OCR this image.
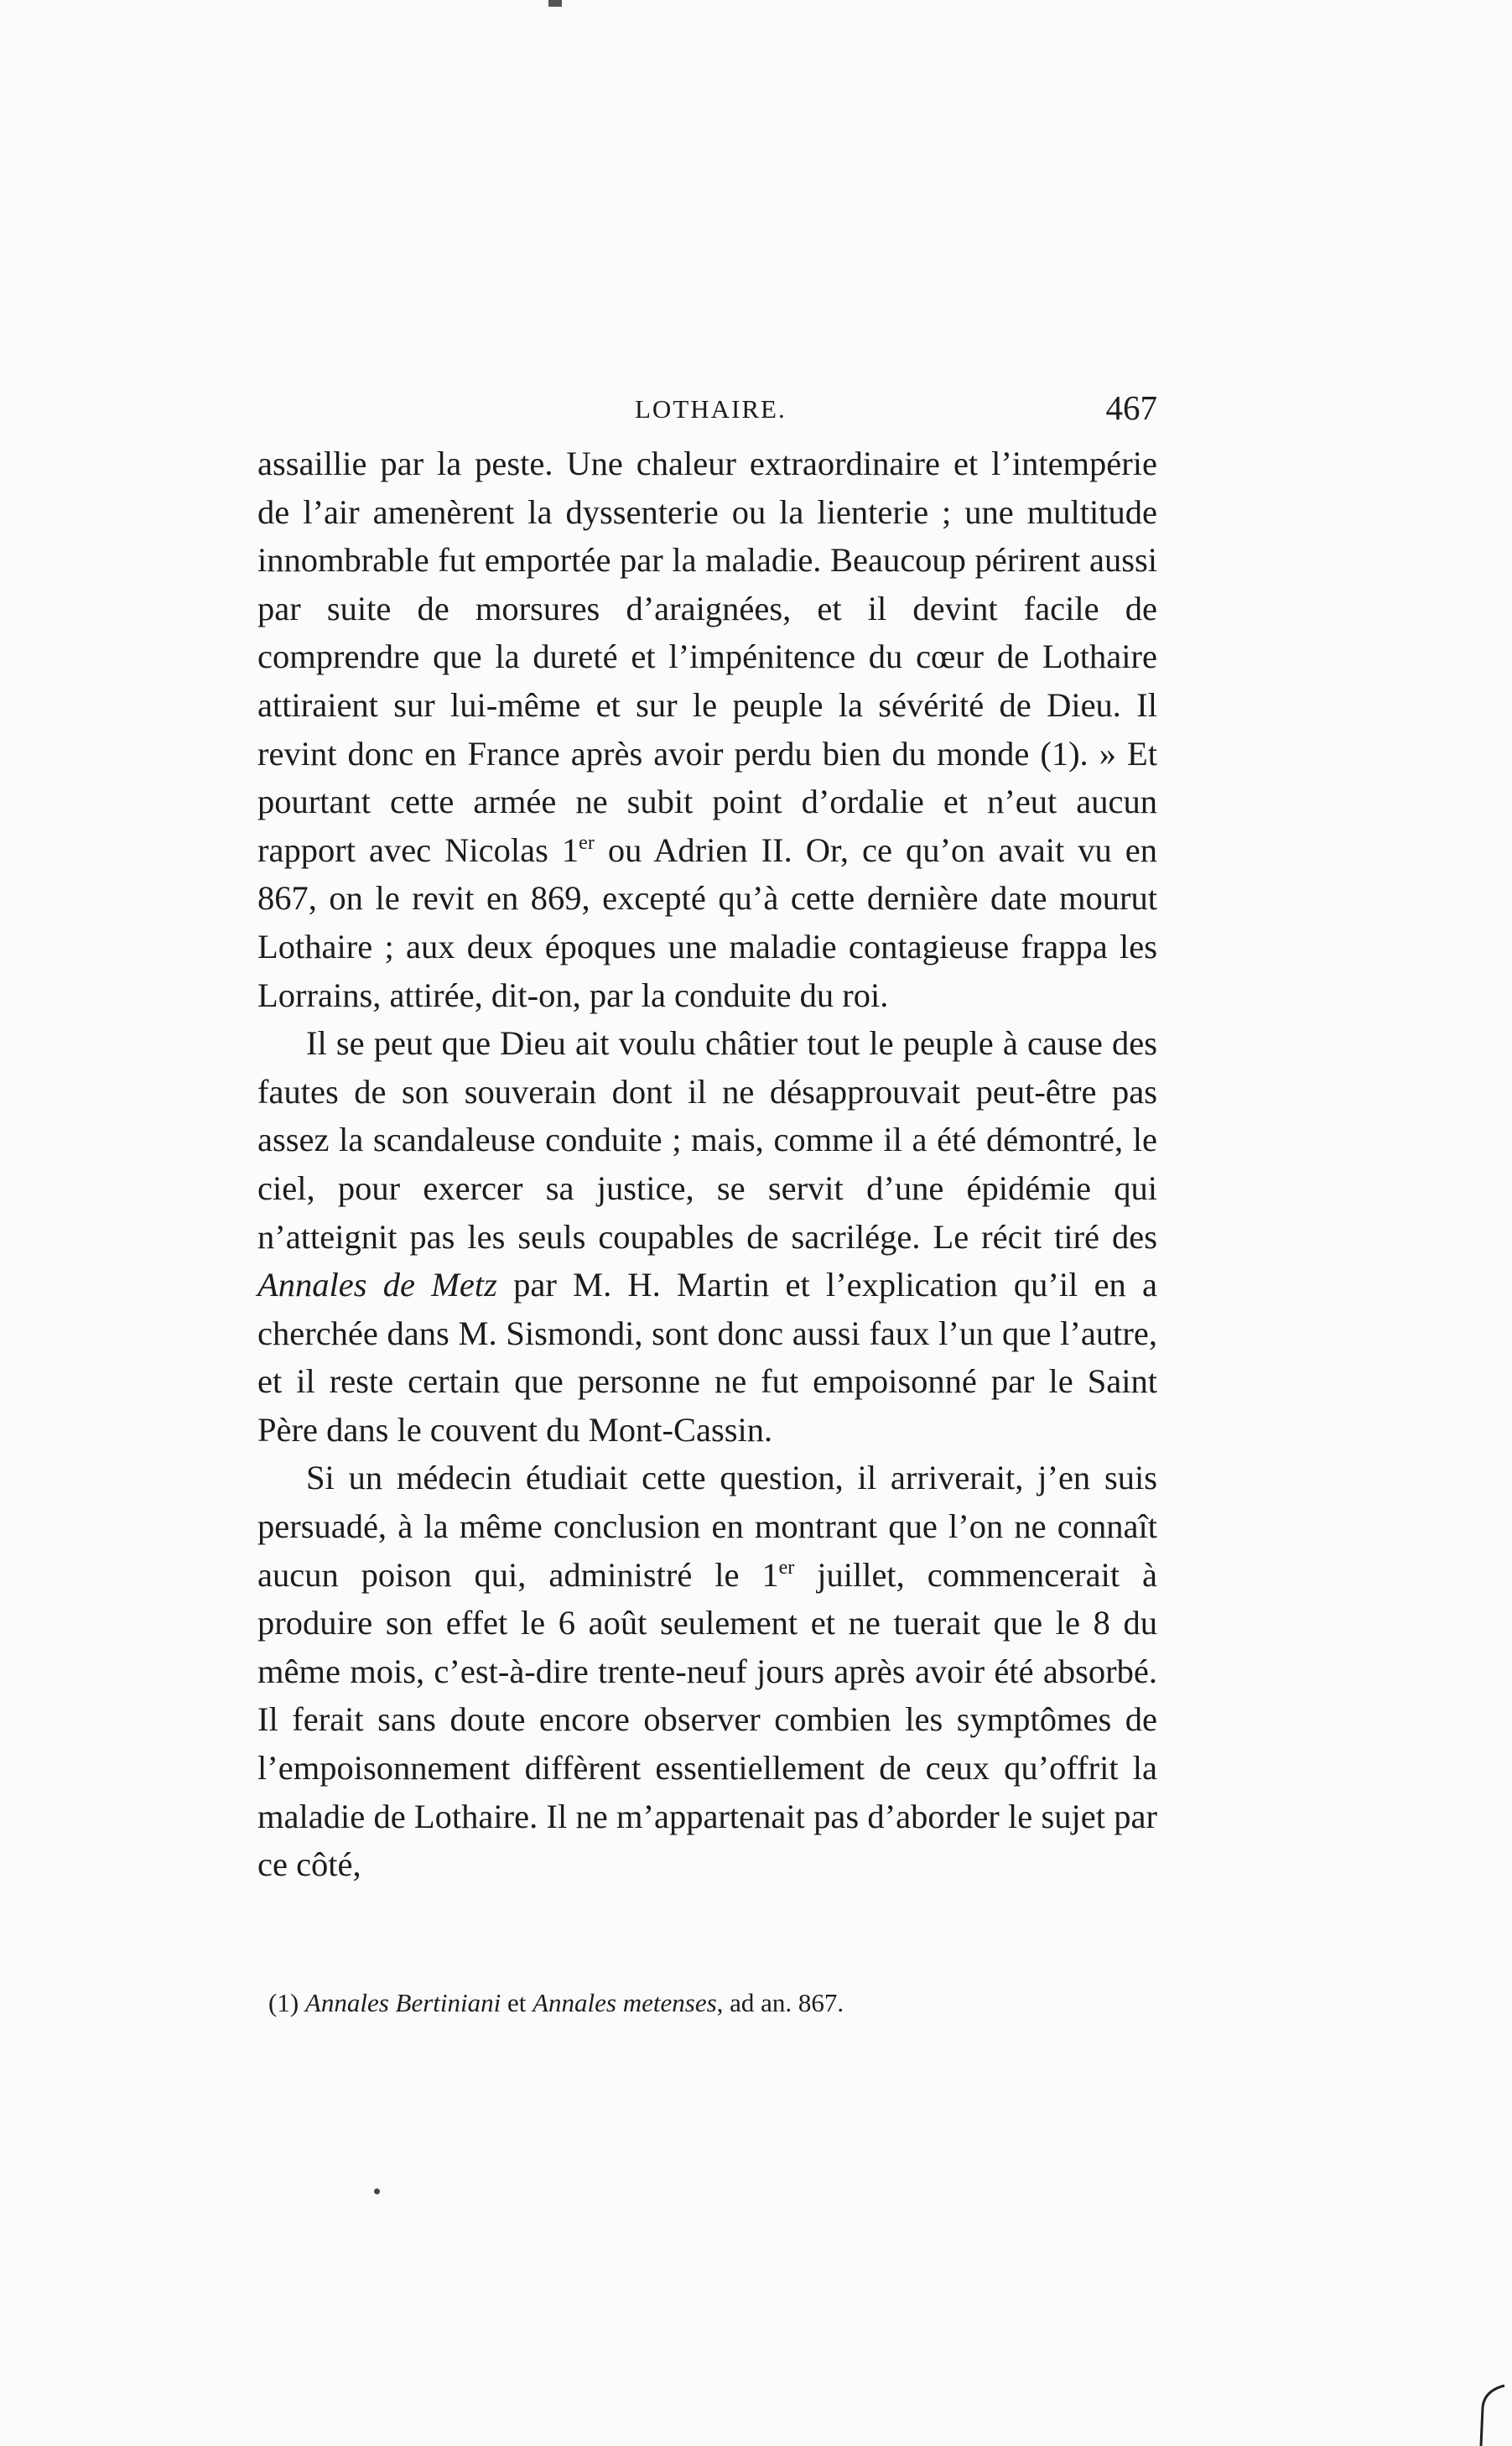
LOTHAIRE.	467

assaillie par la peste. Une chaleur extraordinaire et l’intempérie de l’air amenèrent la dyssenterie ou la lienterie ; une multitude innombrable fut emportée par la maladie. Beaucoup périrent aussi par suite de morsures d’araignées, et il devint facile de comprendre que la dureté et l’impénitence du cœur de Lothaire attiraient sur lui-même et sur le peuple la sévérité de Dieu. Il revint donc en France après avoir perdu bien du monde (1). » Et pourtant cette armée ne subit point d’ordalie et n’eut aucun rapport avec Nicolas 1er ou Adrien II. Or, ce qu’on avait vu en 867, on le revit en 869, excepté qu’à cette dernière date mourut Lothaire ; aux deux époques une maladie contagieuse frappa les Lorrains, attirée, dit-on, par la conduite du roi.

Il se peut que Dieu ait voulu châtier tout le peuple à cause des fautes de son souverain dont il ne désapprouvait peut-être pas assez la scandaleuse conduite ; mais, comme il a été démontré, le ciel, pour exercer sa justice, se servit d’une épidémie qui n’atteignit pas les seuls coupables de sacrilége. Le récit tiré des Annales de Metz par M. H. Martin et l’explication qu’il en a cherchée dans M. Sismondi, sont donc aussi faux l’un que l’autre, et il reste certain que personne ne fut empoisonné par le Saint Père dans le couvent du Mont-Cassin.

Si un médecin étudiait cette question, il arriverait, j’en suis persuadé, à la même conclusion en montrant que l’on ne connaît aucun poison qui, administré le 1er juillet, commencerait à produire son effet le 6 août seulement et ne tuerait que le 8 du même mois, c’est-à-dire trente-neuf jours après avoir été absorbé. Il ferait sans doute encore observer combien les symptômes de l’empoisonnement diffèrent essentiellement de ceux qu’offrit la maladie de Lothaire. Il ne m’appartenait pas d’aborder le sujet par ce côté,

(1) Annales Bertiniani et Annales metenses, ad an. 867.
